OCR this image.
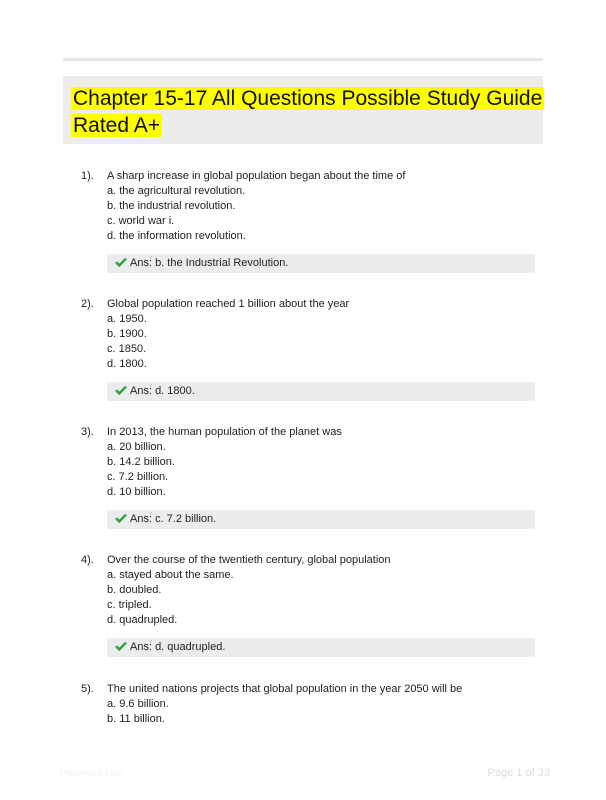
Chapter 15-17 All Questions Possible Study Guide Rated A+
1). A sharp increase in global population began about the time of
a. the agricultural revolution.
b. the industrial revolution.
c. world war i.
d. the information revolution.
Ans: b. the Industrial Revolution.
2). Global population reached 1 billion about the year
a. 1950.
b. 1900.
c. 1850.
d. 1800.
Ans: d. 1800.
3). In 2013, the human population of the planet was
a. 20 billion.
b. 14.2 billion.
c. 7.2 billion.
d. 10 billion.
Ans: c. 7.2 billion.
4). Over the course of the twentieth century, global population
a. stayed about the same.
b. doubled.
c. tripled.
d. quadrupled.
Ans: d. quadrupled.
5). The united nations projects that global population in the year 2050 will be
a. 9.6 billion.
b. 11 billion.
Paperlibe.com	Page 1 of 33
